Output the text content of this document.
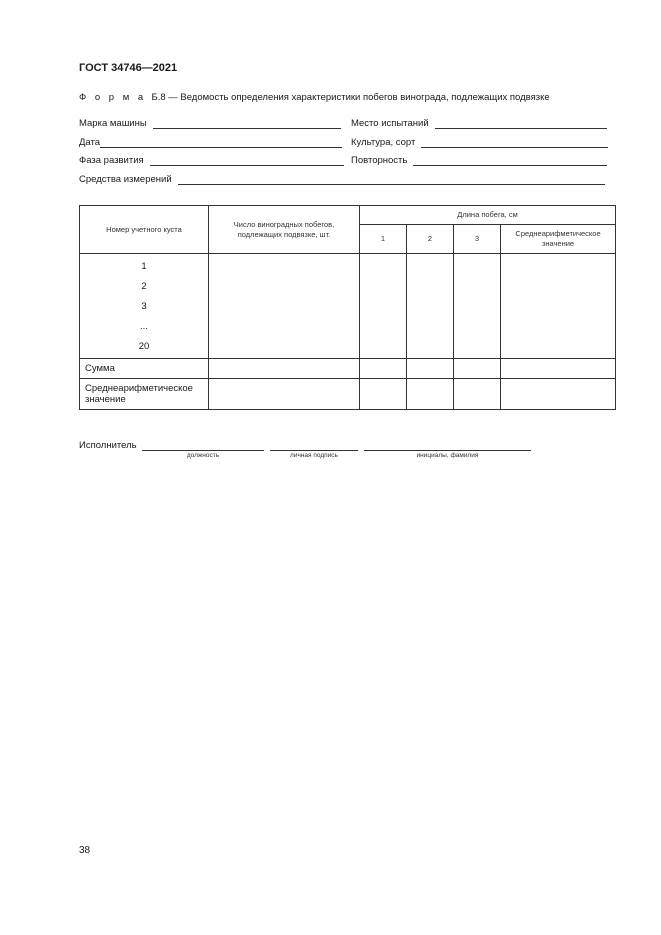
ГОСТ 34746—2021
Ф о р м а Б.8 — Ведомость определения характеристики побегов винограда, подлежащих подвязке
Марка машины	Место испытаний
Дата	Культура, сорт
Фаза развития	Повторность
Средства измерений
Номер учетного куста	Число виноградных побегов, подлежащих подвязке, шт.	Длина побега, см			
		1	2	3	Среднеарифметическое значение

1
2
3
...
20					

Сумма					
Среднеарифметическое значение					
Исполнитель
должность	личная подпись	инициалы, фамилия
38
